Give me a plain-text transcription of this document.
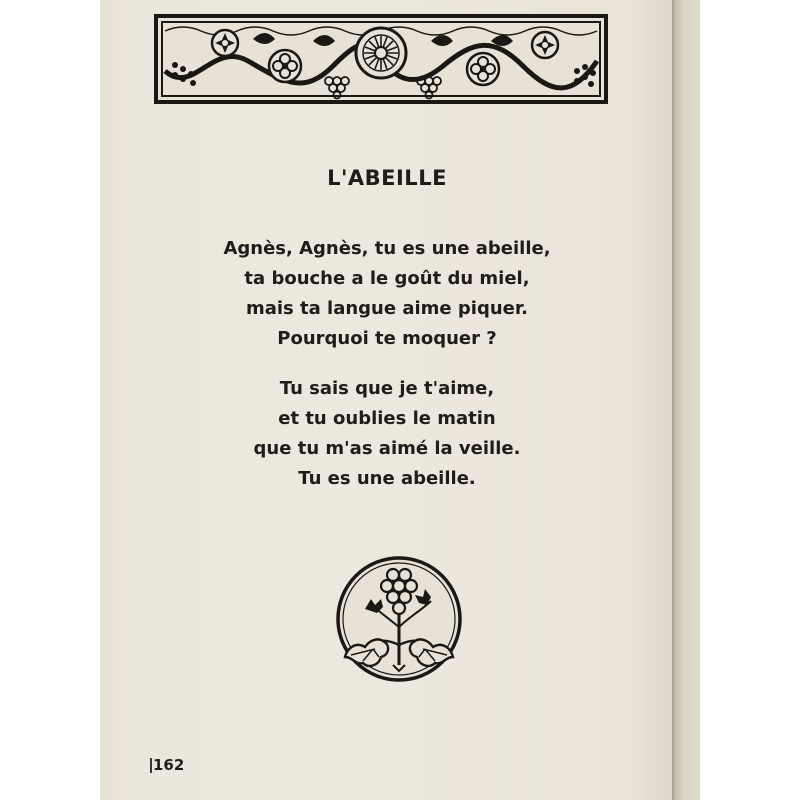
L'ABEILLE
Agnès, Agnès, tu es une abeille,
ta bouche a le goût du miel,
mais ta langue aime piquer.
Pourquoi te moquer ?
Tu sais que je t'aime,
et tu oublies le matin
que tu m'as aimé la veille.
Tu es une abeille.
162
